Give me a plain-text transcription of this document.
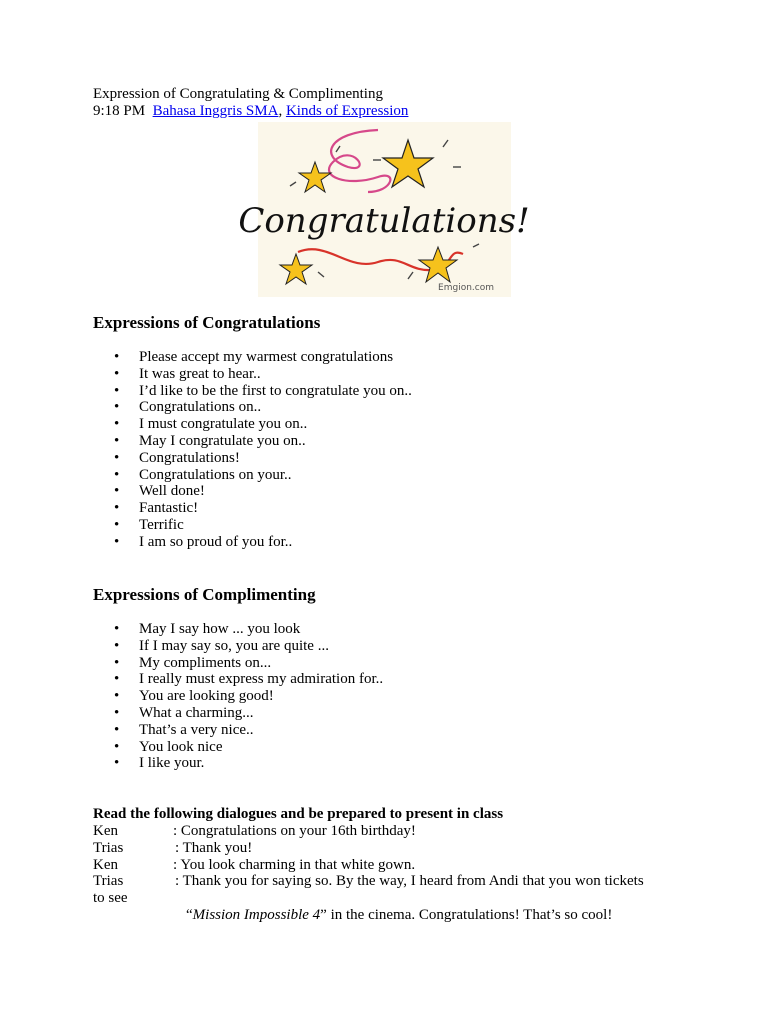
Expression of Congratulating & Complimenting
9:18 PM Bahasa Inggris SMA, Kinds of Expression
Congratulations!
Emgion.com
Expressions of Congratulations
• Please accept my warmest congratulations
• It was great to hear..
• I’d like to be the first to congratulate you on..
• Congratulations on..
• I must congratulate you on..
• May I congratulate you on..
• Congratulations!
• Congratulations on your..
• Well done!
• Fantastic!
• Terrific
• I am so proud of you for..
Expressions of Complimenting
• May I say how ... you look
• If I may say so, you are quite ...
• My compliments on...
• I really must express my admiration for..
• You are looking good!
• What a charming...
• That’s a very nice..
• You look nice
• I like your.
Read the following dialogues and be prepared to present in class
Ken	: Congratulations on your 16th birthday!
Trias	: Thank you!
Ken	: You look charming in that white gown.
Trias	: Thank you for saying so. By the way, I heard from Andi that you won tickets
to see
“Mission Impossible 4” in the cinema. Congratulations! That’s so cool!
